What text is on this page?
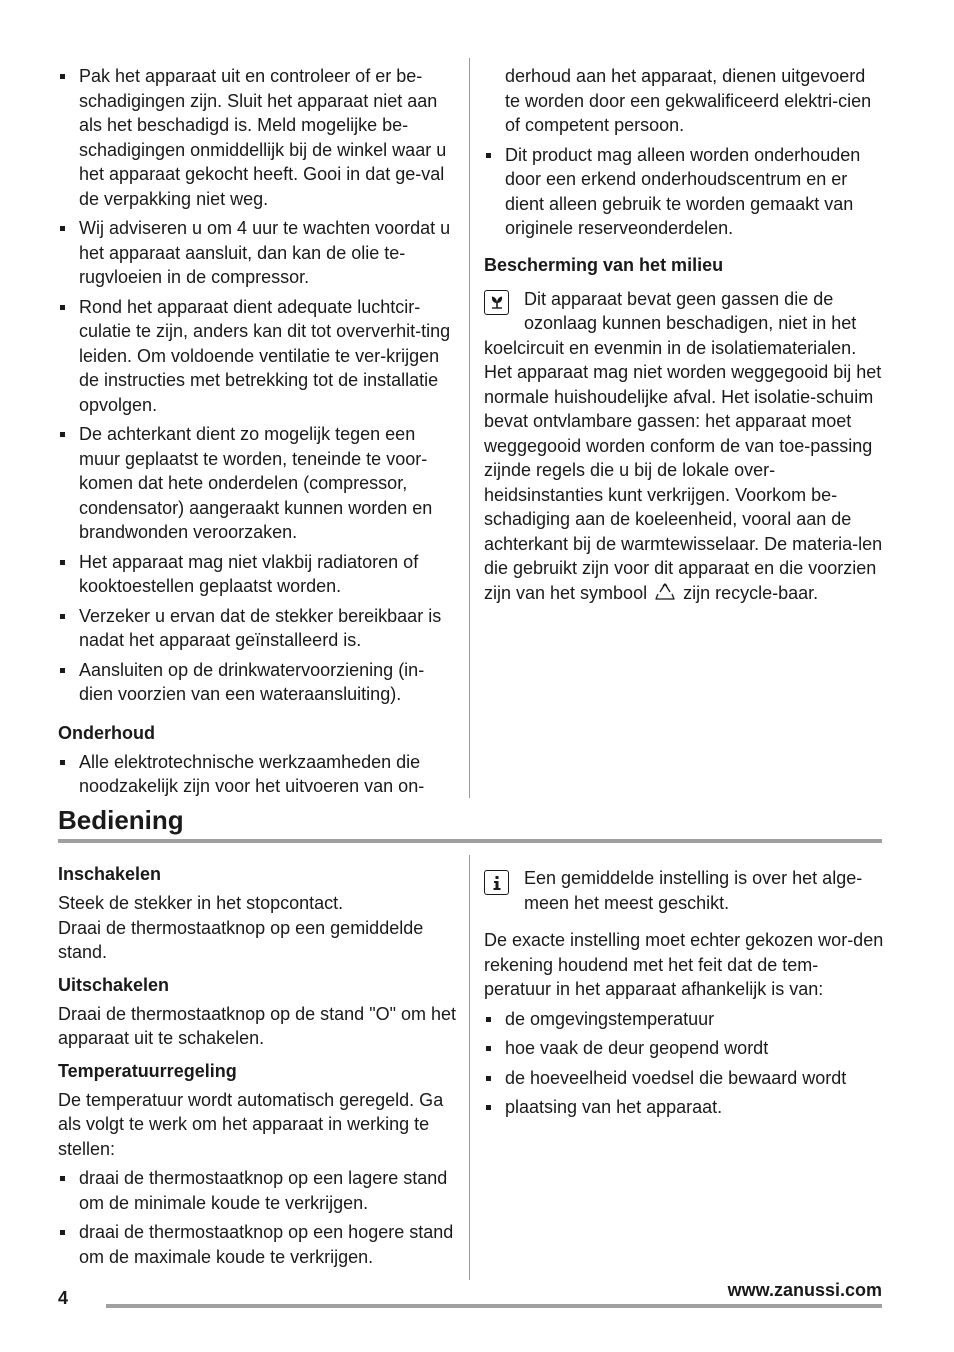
Pak het apparaat uit en controleer of er be-schadigingen zijn. Sluit het apparaat niet aan als het beschadigd is. Meld mogelijke be-schadigingen onmiddellijk bij de winkel waar u het apparaat gekocht heeft. Gooi in dat ge-val de verpakking niet weg.
Wij adviseren u om 4 uur te wachten voordat u het apparaat aansluit, dan kan de olie te-rugvloeien in de compressor.
Rond het apparaat dient adequate luchtcir-culatie te zijn, anders kan dit tot oververhit-ting leiden. Om voldoende ventilatie te ver-krijgen de instructies met betrekking tot de installatie opvolgen.
De achterkant dient zo mogelijk tegen een muur geplaatst te worden, teneinde te voor-komen dat hete onderdelen (compressor, condensator) aangeraakt kunnen worden en brandwonden veroorzaken.
Het apparaat mag niet vlakbij radiatoren of kooktoestellen geplaatst worden.
Verzeker u ervan dat de stekker bereikbaar is nadat het apparaat geïnstalleerd is.
Aansluiten op de drinkwatervoorziening (in-dien voorzien van een wateraansluiting).
Onderhoud
Alle elektrotechnische werkzaamheden die noodzakelijk zijn voor het uitvoeren van on-

derhoud aan het apparaat, dienen uitgevoerd te worden door een gekwalificeerd elektri-cien of competent persoon.

Dit product mag alleen worden onderhouden door een erkend onderhoudscentrum en er dient alleen gebruik te worden gemaakt van originele reserveonderdelen.
Bescherming van het milieu
Dit apparaat bevat geen gassen die de ozonlaag kunnen beschadigen, niet in het koelcircuit en evenmin in de isolatiematerialen. Het apparaat mag niet worden weggegooid bij het normale huishoudelijke afval. Het isolatie-schuim bevat ontvlambare gassen: het apparaat moet weggegooid worden conform de van toe-passing zijnde regels die u bij de lokale over-heidsinstanties kunt verkrijgen. Voorkom be-schadiging aan de koeleenheid, vooral aan de achterkant bij de warmtewisselaar. De materia-len die gebruikt zijn voor dit apparaat en die voorzien zijn van het symbool zijn recycle-baar.
Bediening
Inschakelen

Steek de stekker in het stopcontact.

Draai de thermostaatknop op een gemiddelde stand.

Uitschakelen

Draai de thermostaatknop op de stand "O" om het apparaat uit te schakelen.

Temperatuurregeling

De temperatuur wordt automatisch geregeld. Ga als volgt te werk om het apparaat in werking te stellen:

draai de thermostaatknop op een lagere stand om de minimale koude te verkrijgen.
draai de thermostaatknop op een hogere stand om de maximale koude te verkrijgen.
Een gemiddelde instelling is over het alge-meen het meest geschikt.

De exacte instelling moet echter gekozen wor-den rekening houdend met het feit dat de tem-peratuur in het apparaat afhankelijk is van:

de omgevingstemperatuur
hoe vaak de deur geopend wordt
de hoeveelheid voedsel die bewaard wordt
plaatsing van het apparaat.
4	www.zanussi.com
